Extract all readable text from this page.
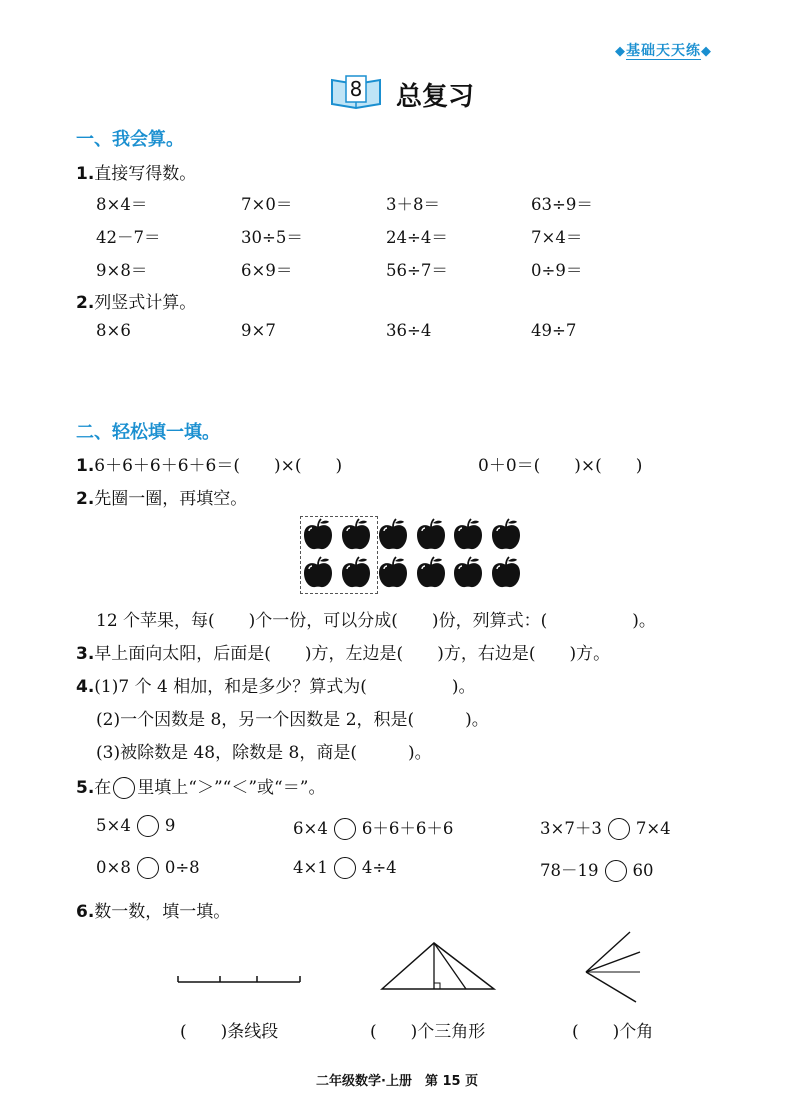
◆基础天天练◆
8 总复习
一、我会算。
1.直接写得数。
8×4＝	7×0＝	3＋8＝	63÷9＝
42－7＝	30÷5＝	24÷4＝	7×4＝
9×8＝	6×9＝	56÷7＝	0÷9＝
2.列竖式计算。
8×6	9×7	36÷4	49÷7
二、轻松填一填。
1.6＋6＋6＋6＋6＝(　　)×(　　)	0＋0＝(　　)×(　　)
2.先圈一圈，再填空。
12 个苹果，每(　　)个一份，可以分成(　　)份，列算式：(　　　　　)。
3.早上面向太阳，后面是(　　)方，左边是(　　)方，右边是(　　)方。
4.(1)7 个 4 相加，和是多少？算式为(　　　　　)。
(2)一个因数是 8，另一个因数是 2，积是(　　　)。
(3)被除数是 48，除数是 8，商是(　　　)。
5.在 里填上“＞”“＜”或“＝”。
5×4 9	6×4 6＋6＋6＋6	3×7＋3 7×4
0×8 0÷8	4×1 4÷4	78－19 60
6.数一数，填一填。
(　　)条线段	(　　)个三角形	(　　)个角
二年级数学·上册　第 15 页
